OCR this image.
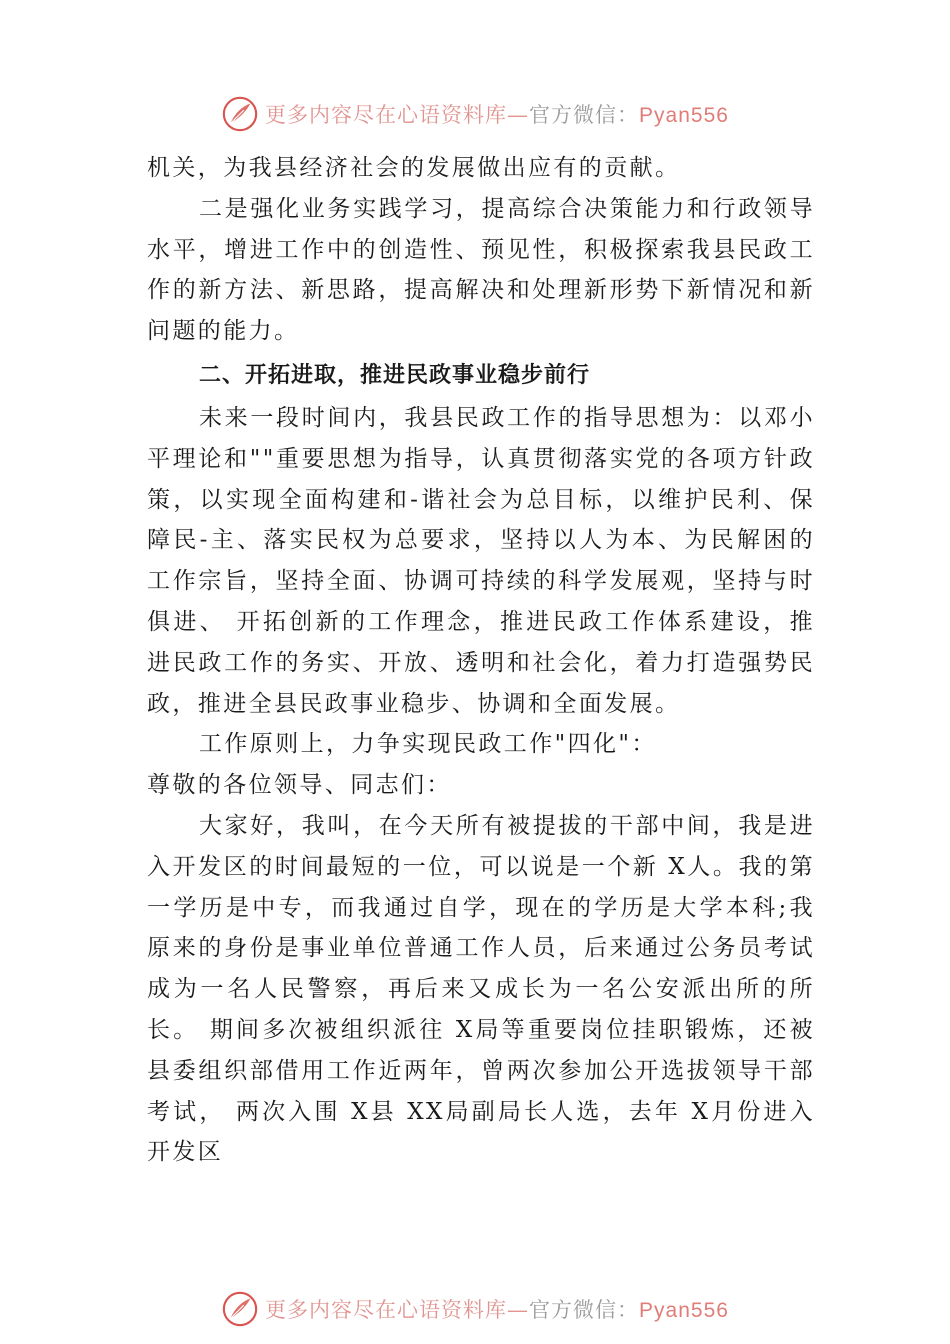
更多内容尽在心语资料库—官方微信：Pyan556

机关，为我县经济社会的发展做出应有的贡献。

二是强化业务实践学习，提高综合决策能力和行政领导水平，增进工作中的创造性、预见性，积极探索我县民政工作的新方法、新思路，提高解决和处理新形势下新情况和新问题的能力。

二、开拓进取，推进民政事业稳步前行

未来一段时间内，我县民政工作的指导思想为：以邓小平理论和""重要思想为指导，认真贯彻落实党的各项方针政策，以实现全面构建和-谐社会为总目标，以维护民利、保障民-主、落实民权为总要求，坚持以人为本、为民解困的工作宗旨，坚持全面、协调可持续的科学发展观，坚持与时俱进、 开拓创新的工作理念，推进民政工作体系建设，推进民政工作的务实、开放、透明和社会化，着力打造强势民政，推进全县民政事业稳步、协调和全面发展。

工作原则上，力争实现民政工作"四化"：

尊敬的各位领导、同志们：

大家好，我叫，在今天所有被提拔的干部中间，我是进入开发区的时间最短的一位，可以说是一个新 X人。我的第一学历是中专，而我通过自学，现在的学历是大学本科;我原来的身份是事业单位普通工作人员，后来通过公务员考试成为一名人民警察，再后来又成长为一名公安派出所的所长。 期间多次被组织派往 X局等重要岗位挂职锻炼，还被县委组织部借用工作近两年，曾两次参加公开选拔领导干部考试， 两次入围 X县 XX局副局长人选，去年 X月份进入开发区

更多内容尽在心语资料库—官方微信：Pyan556
